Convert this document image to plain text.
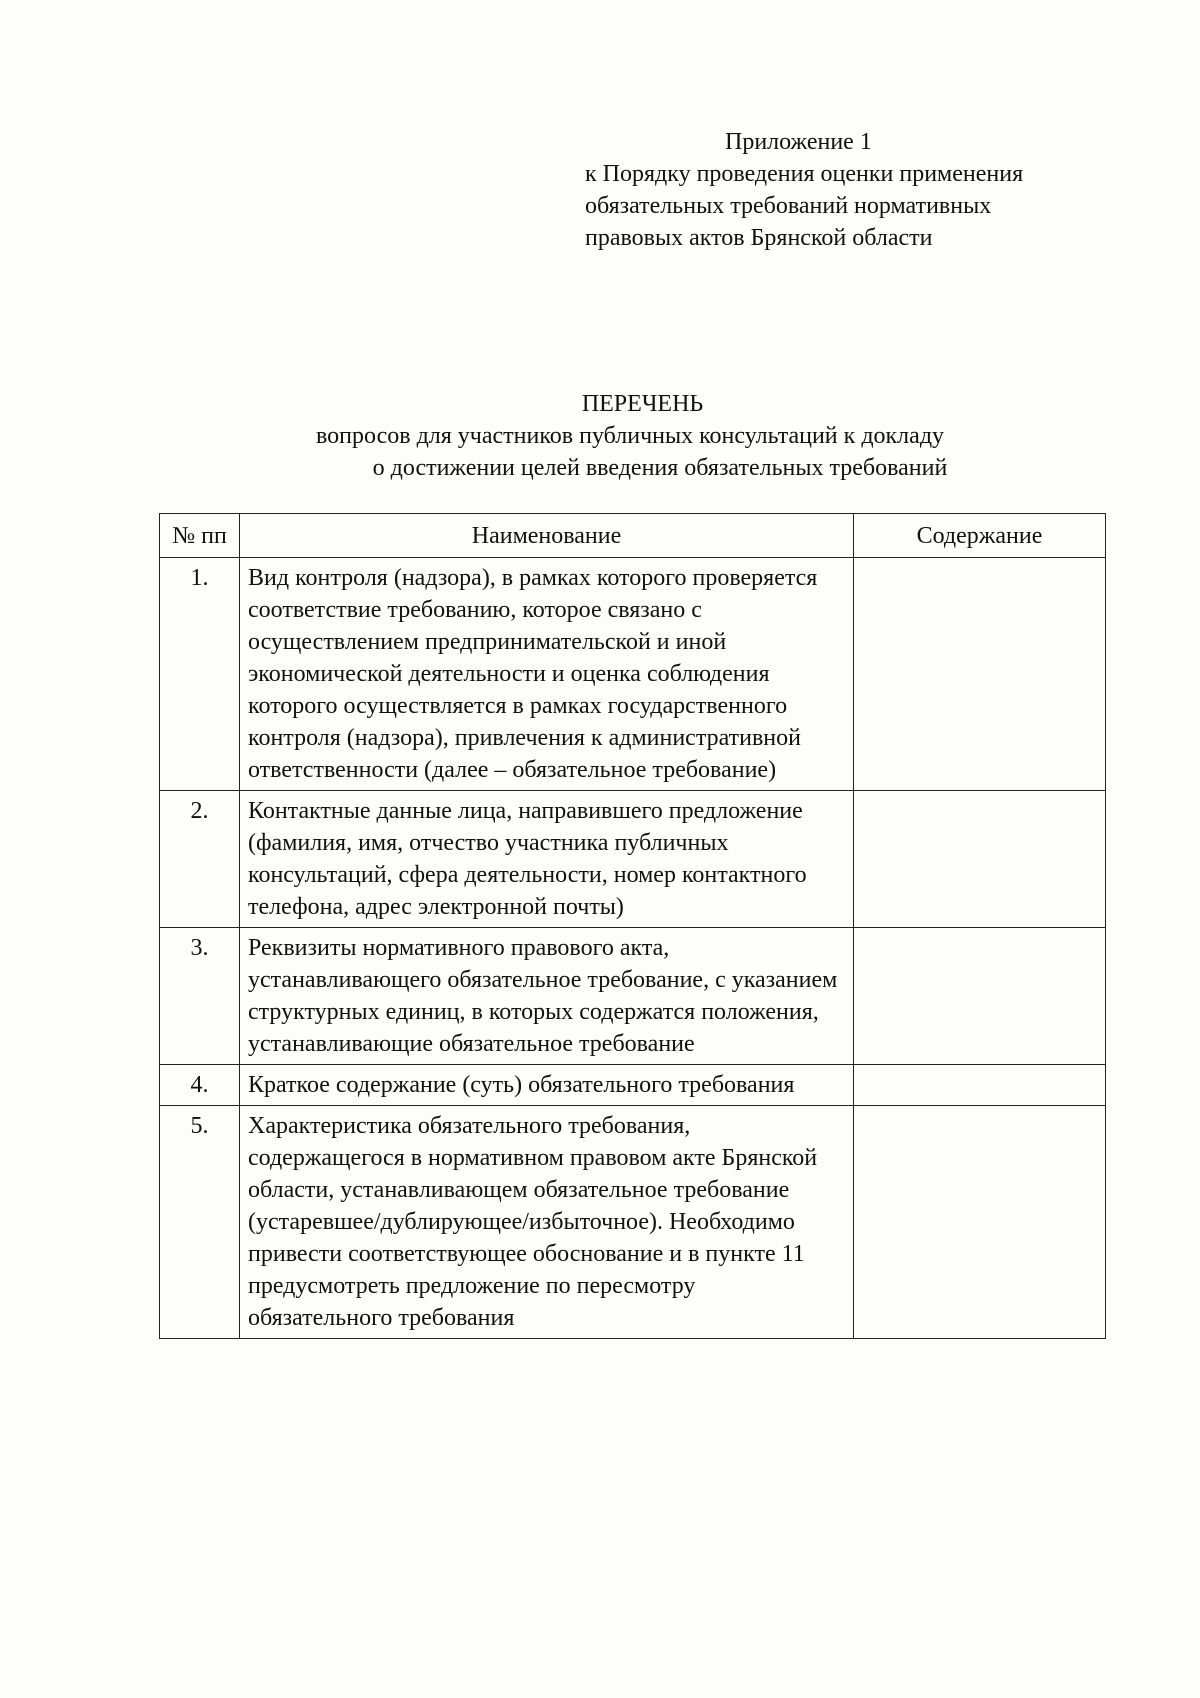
Приложение 1
к Порядку проведения оценки применения
обязательных требований нормативных
правовых актов Брянской области
ПЕРЕЧЕНЬ
вопросов для участников публичных консультаций к докладу
о достижении целей введения обязательных требований
№ пп	Наименование	Содержание
1.	Вид контроля (надзора), в рамках которого проверяется соответствие требованию, которое связано с осуществлением предпринимательской и иной экономической деятельности и оценка соблюдения которого осуществляется в рамках государственного контроля (надзора), привлечения к административной ответственности (далее – обязательное требование)	
2.	Контактные данные лица, направившего предложение (фамилия, имя, отчество участника публичных консультаций, сфера деятельности, номер контактного телефона, адрес электронной почты)	
3.	Реквизиты нормативного правового акта, устанавливающего обязательное требование, с указанием структурных единиц, в которых содержатся положения, устанавливающие обязательное требование	
4.	Краткое содержание (суть) обязательного требования	
5.	Характеристика обязательного требования, содержащегося в нормативном правовом акте Брянской области, устанавливающем обязательное требование (устаревшее/дублирующее/избыточное). Необходимо привести соответствующее обоснование и в пункте 11 предусмотреть предложение по пересмотру обязательного требования	
